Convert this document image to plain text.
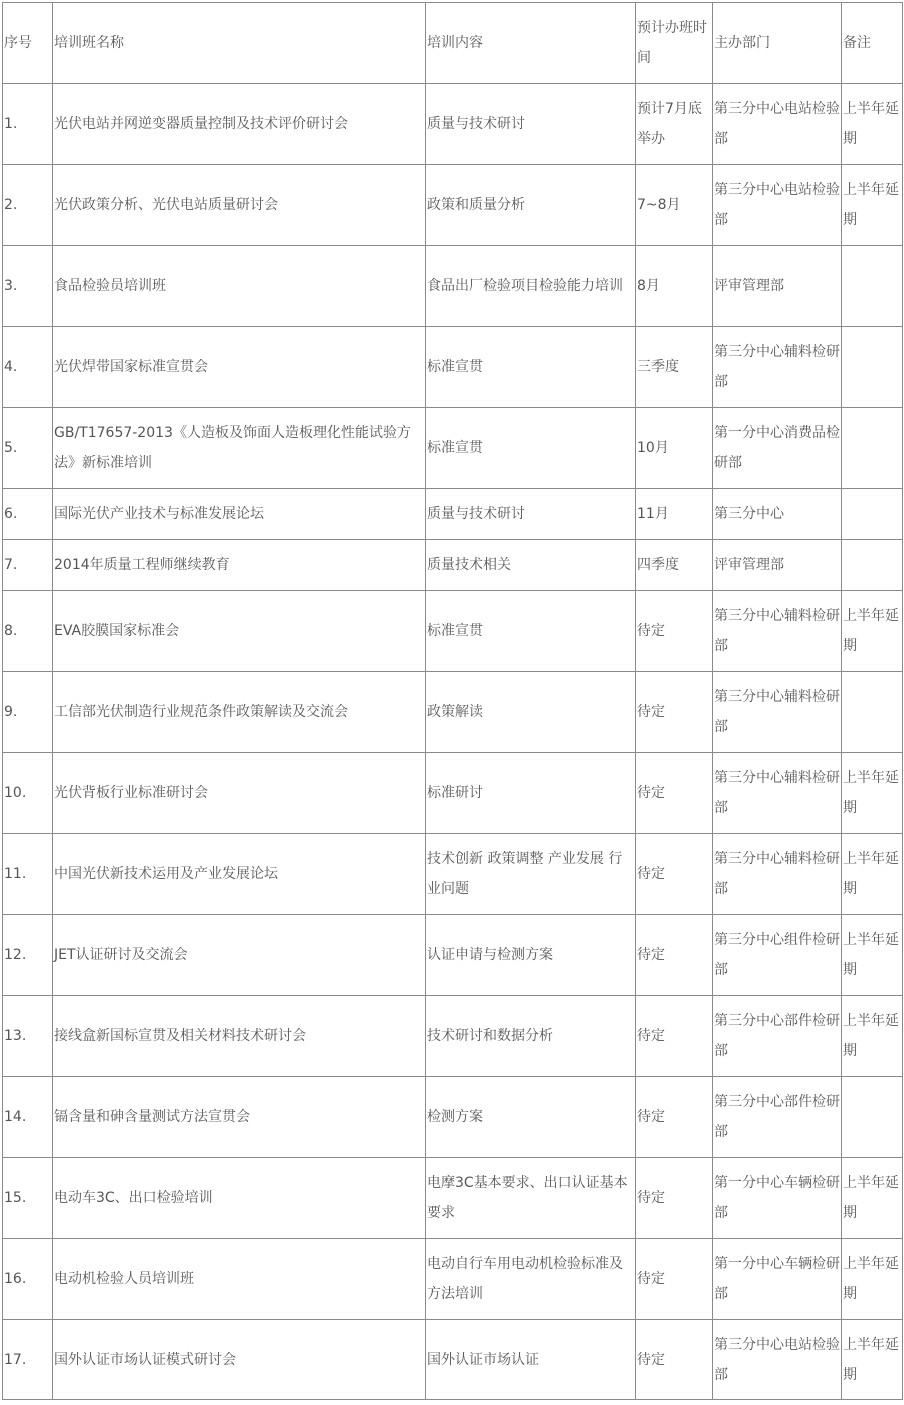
序号	培训班名称	培训内容	预计办班时间	主办部门	备注
1.	光伏电站并网逆变器质量控制及技术评价研讨会	质量与技术研讨	预计7月底举办	第三分中心电站检验部	上半年延期
2.	光伏政策分析、光伏电站质量研讨会	政策和质量分析	7~8月	第三分中心电站检验部	上半年延期
3.	食品检验员培训班	食品出厂检验项目检验能力培训	8月	评审管理部	
4.	光伏焊带国家标准宣贯会	标准宣贯	三季度	第三分中心辅料检研部	
5.	GB/T17657-2013《人造板及饰面人造板理化性能试验方法》新标准培训	标准宣贯	10月	第一分中心消费品检研部	
6.	国际光伏产业技术与标准发展论坛	质量与技术研讨	11月	第三分中心	
7.	2014年质量工程师继续教育	质量技术相关	四季度	评审管理部	
8.	EVA胶膜国家标准会	标准宣贯	待定	第三分中心辅料检研部	上半年延期
9.	工信部光伏制造行业规范条件政策解读及交流会	政策解读	待定	第三分中心辅料检研部	
10.	光伏背板行业标准研讨会	标准研讨	待定	第三分中心辅料检研部	上半年延期
11.	中国光伏新技术运用及产业发展论坛	技术创新 政策调整 产业发展 行业问题	待定	第三分中心辅料检研部	上半年延期
12.	JET认证研讨及交流会	认证申请与检测方案	待定	第三分中心组件检研部	上半年延期
13.	接线盒新国标宣贯及相关材料技术研讨会	技术研讨和数据分析	待定	第三分中心部件检研部	上半年延期
14.	镉含量和砷含量测试方法宣贯会	检测方案	待定	第三分中心部件检研部	
15.	电动车3C、出口检验培训	电摩3C基本要求、出口认证基本要求	待定	第一分中心车辆检研部	上半年延期
16.	电动机检验人员培训班	电动自行车用电动机检验标准及方法培训	待定	第一分中心车辆检研部	上半年延期
17.	国外认证市场认证模式研讨会	国外认证市场认证	待定	第三分中心电站检验部	上半年延期
